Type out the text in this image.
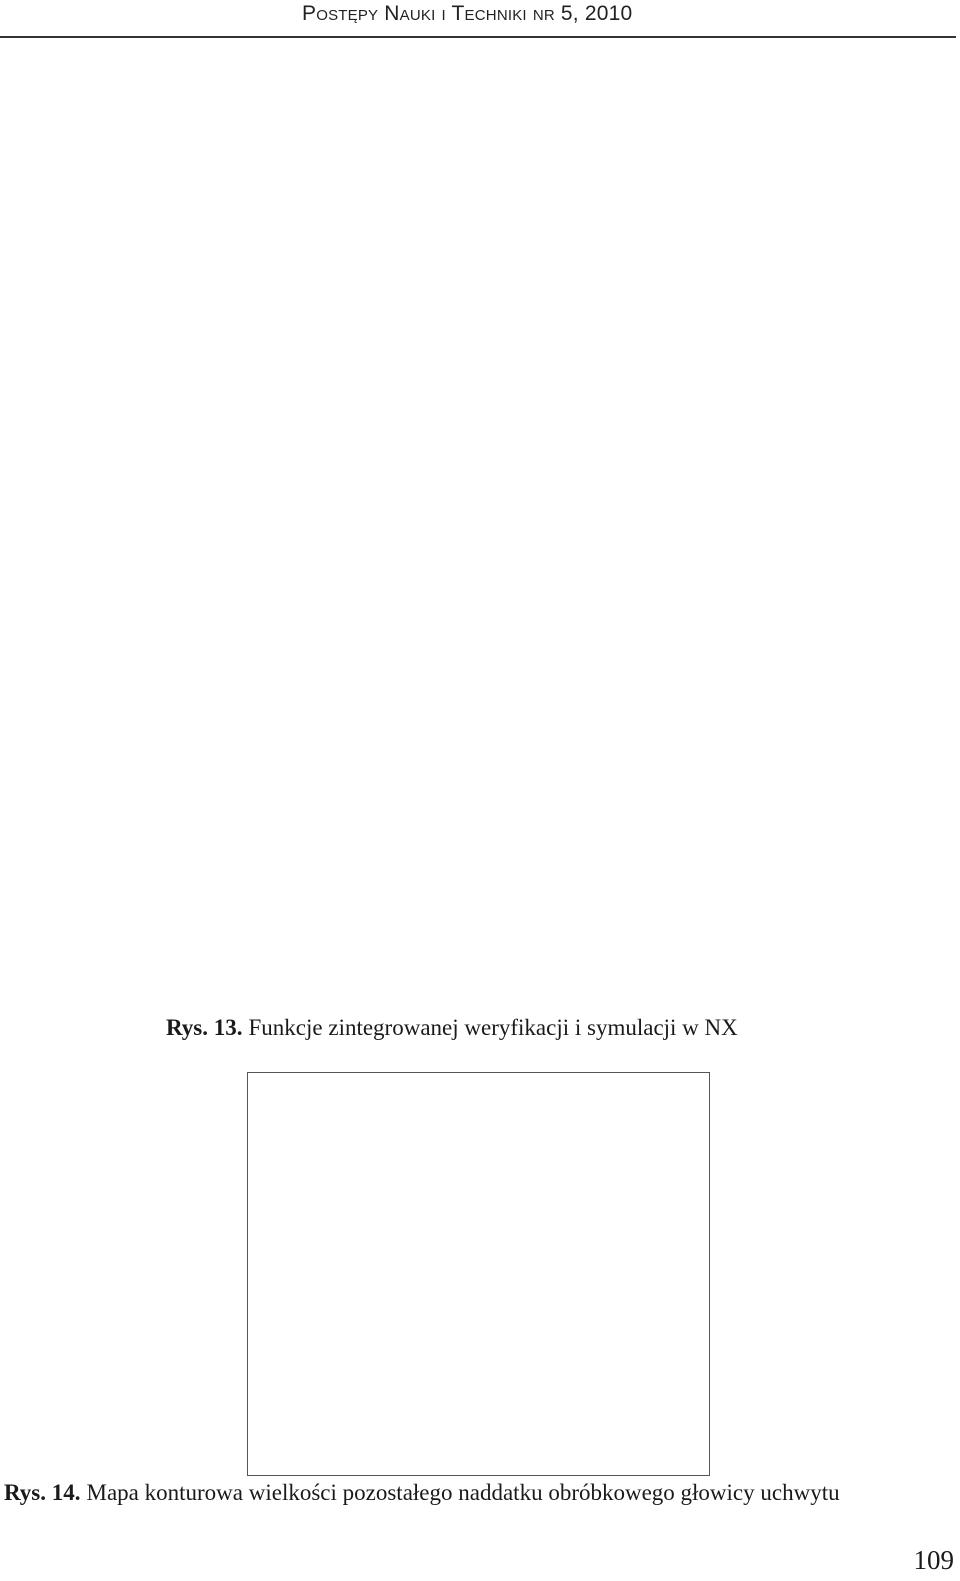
Postępy Nauki i Techniki nr 5, 2010
Rys. 13. Funkcje zintegrowanej weryfikacji i symulacji w NX
Rys. 14. Mapa konturowa wielkości pozostałego naddatku obróbkowego głowicy uchwytu
109
